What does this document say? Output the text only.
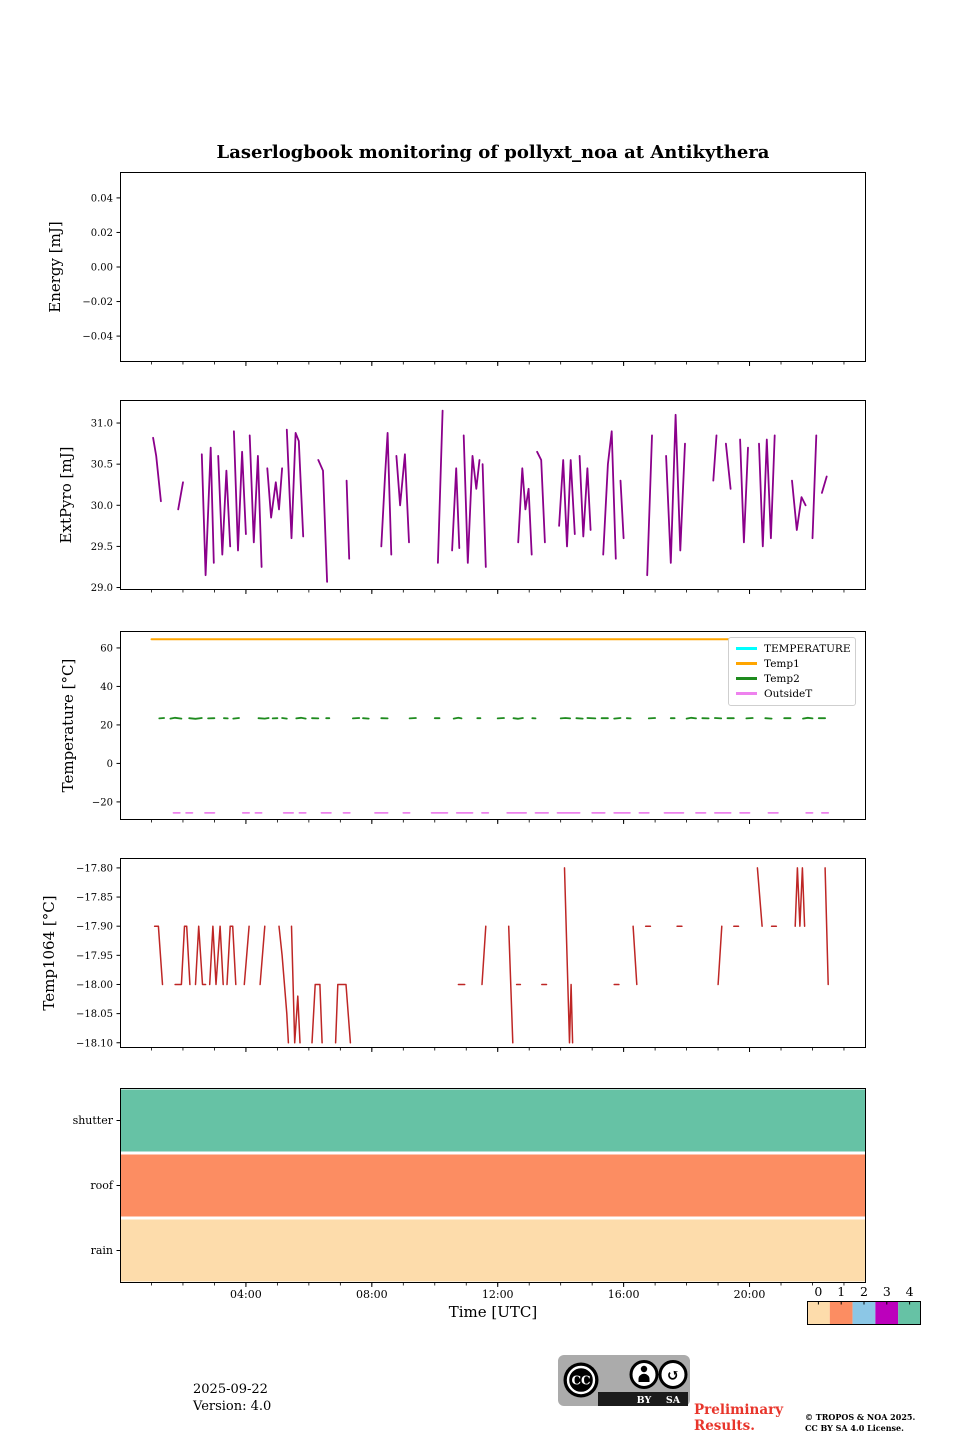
Laserlogbook monitoring of pollyxt_noa at Antikythera
0.04
0.02
0.00
−0.02
−0.04
Energy [mJ]
31.0
30.5
30.0
29.5
29.0
ExtPyro [mJ]
60
40
20
0
−20
Temperature [°C]
−17.80
−17.85
−17.90
−17.95
−18.00
−18.05
−18.10
Temp1064 [°C]
shutter
roof
rain
04:00	08:00	12:00	16:00	20:00
TEMPERATURE
Temp1
Temp2
OutsideT
Time [UTC]
0 1 2 3 4
2025-09-22
Version: 4.0
CC	↺
BY SA
Preliminary
Results.
© TROPOS & NOA 2025.
CC BY SA 4.0 License.
